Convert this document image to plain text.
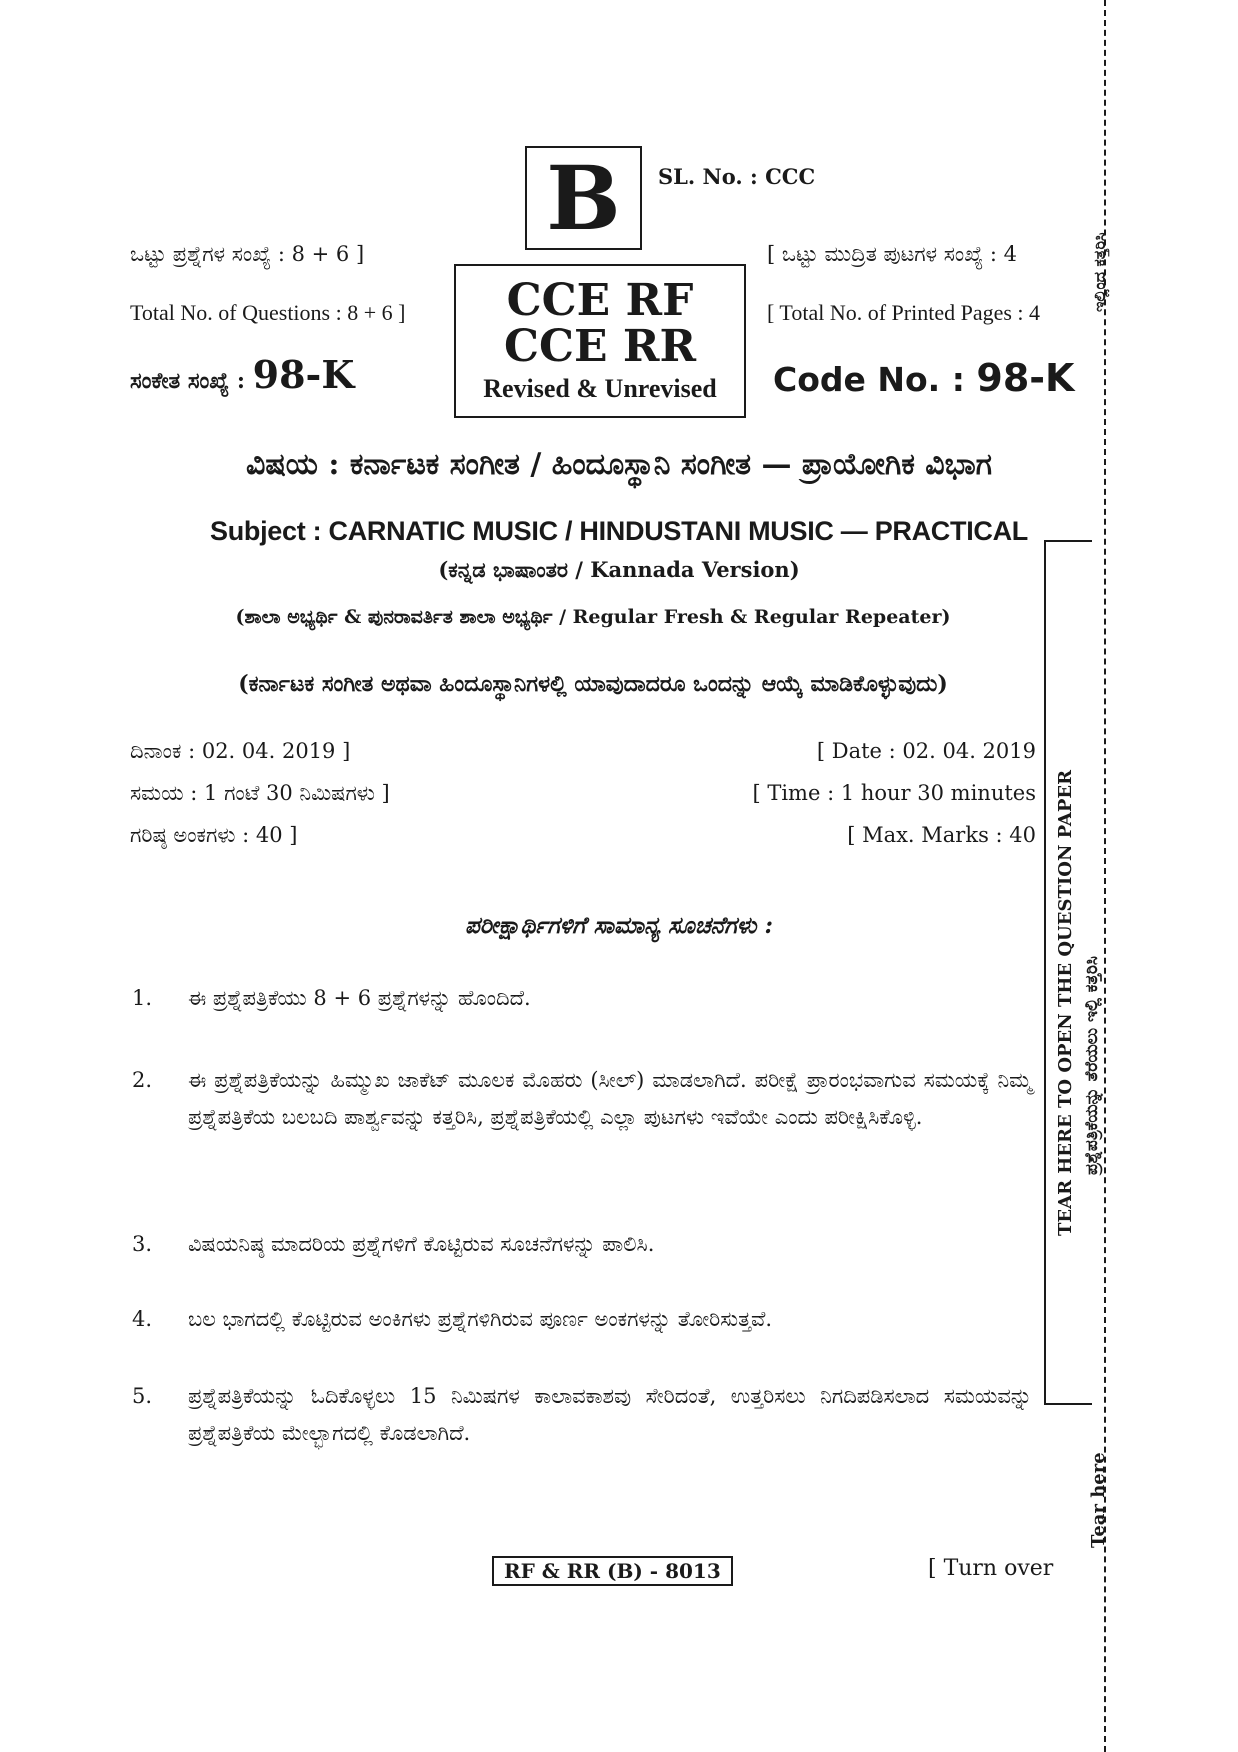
B	SL. No. : CCC
CCE RF
CCE RR
Revised & Unrevised
ಒಟ್ಟು ಪ್ರಶ್ನೆಗಳ ಸಂಖ್ಯೆ : 8 + 6 ]
Total No. of Questions : 8 + 6 ]
[ ಒಟ್ಟು ಮುದ್ರಿತ ಪುಟಗಳ ಸಂಖ್ಯೆ : 4
[ Total No. of Printed Pages : 4
ಸಂಕೇತ ಸಂಖ್ಯೆ : 98-K	Code No. : 98-K
ವಿಷಯ : ಕರ್ನಾಟಕ ಸಂಗೀತ / ಹಿಂದೂಸ್ಥಾನಿ ಸಂಗೀತ — ಪ್ರಾಯೋಗಿಕ ವಿಭಾಗ
Subject : CARNATIC MUSIC / HINDUSTANI MUSIC — PRACTICAL
(ಕನ್ನಡ ಭಾಷಾಂತರ / Kannada Version)
(ಶಾಲಾ ಅಭ್ಯರ್ಥಿ & ಪುನರಾವರ್ತಿತ ಶಾಲಾ ಅಭ್ಯರ್ಥಿ / Regular Fresh & Regular Repeater)
(ಕರ್ನಾಟಕ ಸಂಗೀತ ಅಥವಾ ಹಿಂದೂಸ್ಥಾನಿಗಳಲ್ಲಿ ಯಾವುದಾದರೂ ಒಂದನ್ನು ಆಯ್ಕೆ ಮಾಡಿಕೊಳ್ಳುವುದು)
ದಿನಾಂಕ : 02. 04. 2019 ]	[ Date : 02. 04. 2019
ಸಮಯ : 1 ಗಂಟೆ 30 ನಿಮಿಷಗಳು ]	[ Time : 1 hour 30 minutes
ಗರಿಷ್ಠ ಅಂಕಗಳು : 40 ]	[ Max. Marks : 40
ಪರೀಕ್ಷಾರ್ಥಿಗಳಿಗೆ ಸಾಮಾನ್ಯ ಸೂಚನೆಗಳು :
1.	ಈ ಪ್ರಶ್ನೆಪತ್ರಿಕೆಯು 8 + 6 ಪ್ರಶ್ನೆಗಳನ್ನು ಹೊಂದಿದೆ.
2.	ಈ ಪ್ರಶ್ನೆಪತ್ರಿಕೆಯನ್ನು ಹಿಮ್ಮುಖ ಜಾಕೆಟ್ ಮೂಲಕ ಮೊಹರು (ಸೀಲ್) ಮಾಡಲಾಗಿದೆ. ಪರೀಕ್ಷೆ ಪ್ರಾರಂಭವಾಗುವ ಸಮಯಕ್ಕೆ ನಿಮ್ಮ ಪ್ರಶ್ನೆಪತ್ರಿಕೆಯ ಬಲಬದಿ ಪಾರ್ಶ್ವವನ್ನು ಕತ್ತರಿಸಿ, ಪ್ರಶ್ನೆಪತ್ರಿಕೆಯಲ್ಲಿ ಎಲ್ಲಾ ಪುಟಗಳು ಇವೆಯೇ ಎಂದು ಪರೀಕ್ಷಿಸಿಕೊಳ್ಳಿ.
3.	ವಿಷಯನಿಷ್ಠ ಮಾದರಿಯ ಪ್ರಶ್ನೆಗಳಿಗೆ ಕೊಟ್ಟಿರುವ ಸೂಚನೆಗಳನ್ನು ಪಾಲಿಸಿ.
4.	ಬಲ ಭಾಗದಲ್ಲಿ ಕೊಟ್ಟಿರುವ ಅಂಕಿಗಳು ಪ್ರಶ್ನೆಗಳಿಗಿರುವ ಪೂರ್ಣ ಅಂಕಗಳನ್ನು ತೋರಿಸುತ್ತವೆ.
5.	ಪ್ರಶ್ನೆಪತ್ರಿಕೆಯನ್ನು ಓದಿಕೊಳ್ಳಲು 15 ನಿಮಿಷಗಳ ಕಾಲಾವಕಾಶವು ಸೇರಿದಂತೆ, ಉತ್ತರಿಸಲು ನಿಗದಿಪಡಿಸಲಾದ ಸಮಯವನ್ನು ಪ್ರಶ್ನೆಪತ್ರಿಕೆಯ ಮೇಲ್ಭಾಗದಲ್ಲಿ ಕೊಡಲಾಗಿದೆ.
ಇಲ್ಲಿಂದ ಕತ್ತರಿಸಿ
TEAR HERE TO OPEN THE QUESTION PAPER ಪ್ರಶ್ನೆಪತ್ರಿಕೆಯನ್ನು ತೆರೆಯಲು ಇಲ್ಲಿ ಕತ್ತರಿಸಿ
Tear here
RF & RR (B) - 8013	[ Turn over
